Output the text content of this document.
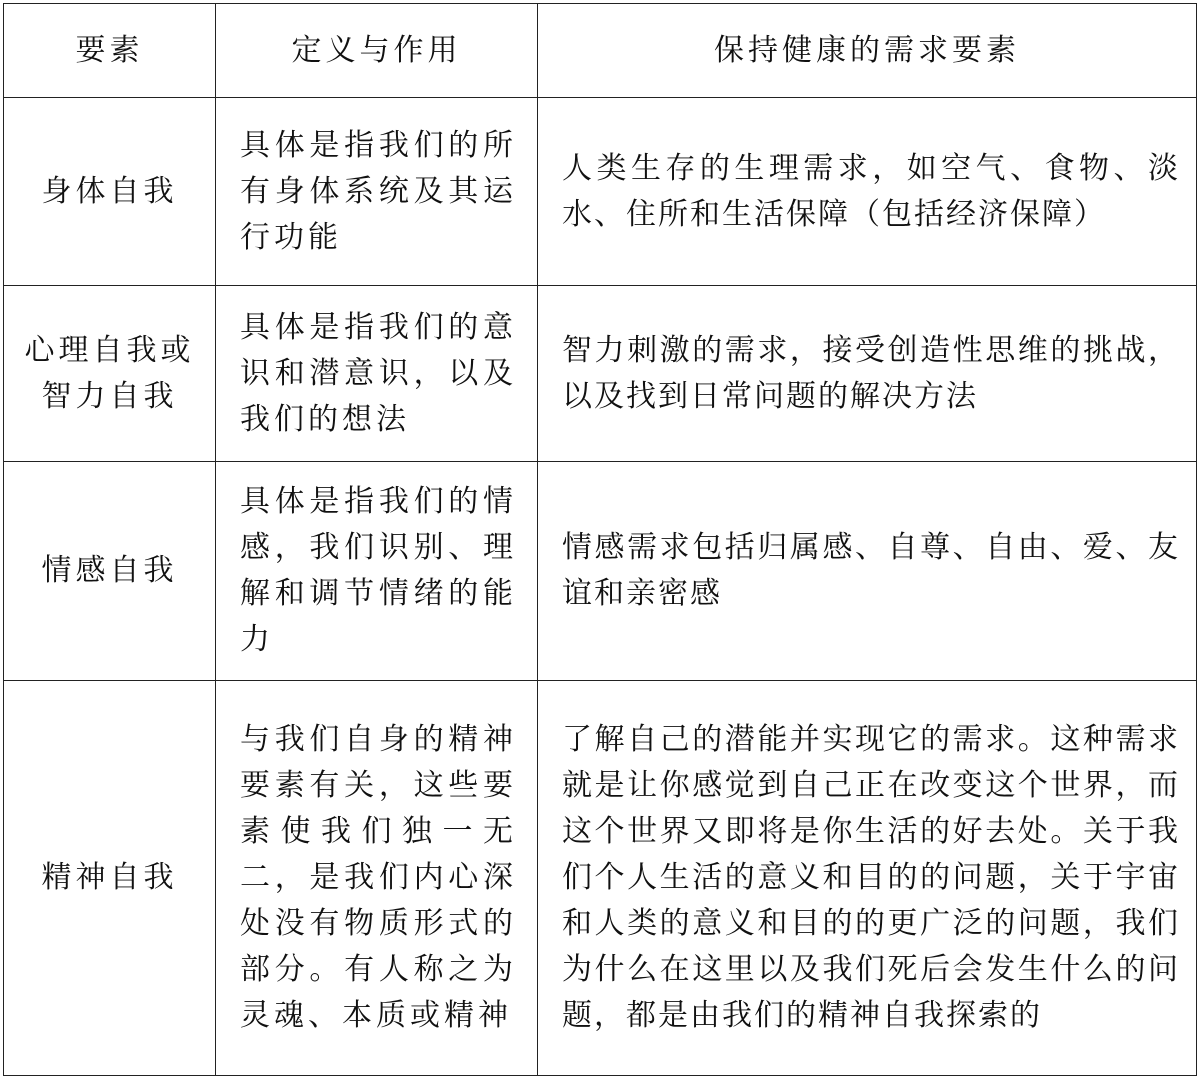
要素	定义与作用	保持健康的需求要素
身体自我	具体是指我们的所有身体系统及其运行功能	人类生存的生理需求，如空气、食物、淡水、住所和生活保障（包括经济保障）
心理自我或智力自我	具体是指我们的意识和潜意识，以及我们的想法	智力刺激的需求，接受创造性思维的挑战，以及找到日常问题的解决方法
情感自我	具体是指我们的情感，我们识别、理解和调节情绪的能力	情感需求包括归属感、自尊、自由、爱、友谊和亲密感
精神自我	与我们自身的精神要素有关，这些要素使我们独一无二，是我们内心深处没有物质形式的部分。有人称之为灵魂、本质或精神	了解自己的潜能并实现它的需求。这种需求就是让你感觉到自己正在改变这个世界，而这个世界又即将是你生活的好去处。关于我们个人生活的意义和目的的问题，关于宇宙和人类的意义和目的的更广泛的问题，我们为什么在这里以及我们死后会发生什么的问题，都是由我们的精神自我探索的
